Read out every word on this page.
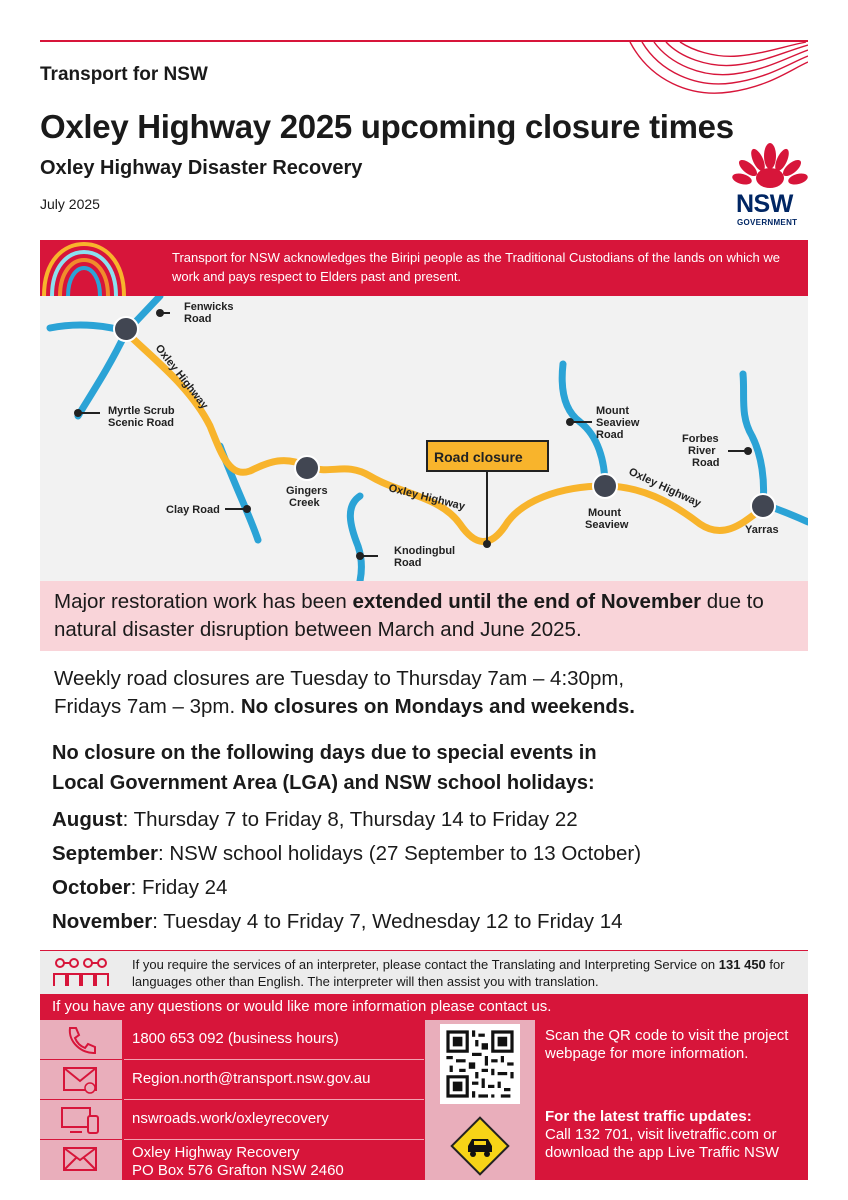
Transport for NSW
Oxley Highway 2025 upcoming closure times
Oxley Highway Disaster Recovery
July 2025	NSW
GOVERNMENT
Transport for NSW acknowledges the Biripi people as the Traditional Custodians of the lands on which we work and pays respect to Elders past and present.
Fenwicks
Road
Myrtle Scrub
Scenic Road
Clay Road
Gingers
Creek
Knodingbul
Road
Mount
Seaview
Road
Mount
Seaview
Forbes
River
Road
Yarras
Oxley Highway
Oxley Highway	Oxley Highway
Road closure

Major restoration work has been extended until the end of November due to natural disaster disruption between March and June 2025.

Weekly road closures are Tuesday to Thursday 7am – 4:30pm,
Fridays 7am – 3pm. No closures on Mondays and weekends.
No closure on the following days due to special events in
Local Government Area (LGA) and NSW school holidays:
August: Thursday 7 to Friday 8, Thursday 14 to Friday 22
September: NSW school holidays (27 September to 13 October)
October: Friday 24
November: Tuesday 4 to Friday 7, Wednesday 12 to Friday 14
If you require the services of an interpreter, please contact the Translating and Interpreting Service on 131 450 for languages other than English. The interpreter will then assist you with translation.
If you have any questions or would like more information please contact us.
1800 653 092 (business hours)
Region.north@transport.nsw.gov.au
nswroads.work/oxleyrecovery
Oxley Highway Recovery
PO Box 576 Grafton NSW 2460
Scan the QR code to visit the project webpage for more information.
For the latest traffic updates:
Call 132 701, visit livetraffic.com or download the app Live Traffic NSW
